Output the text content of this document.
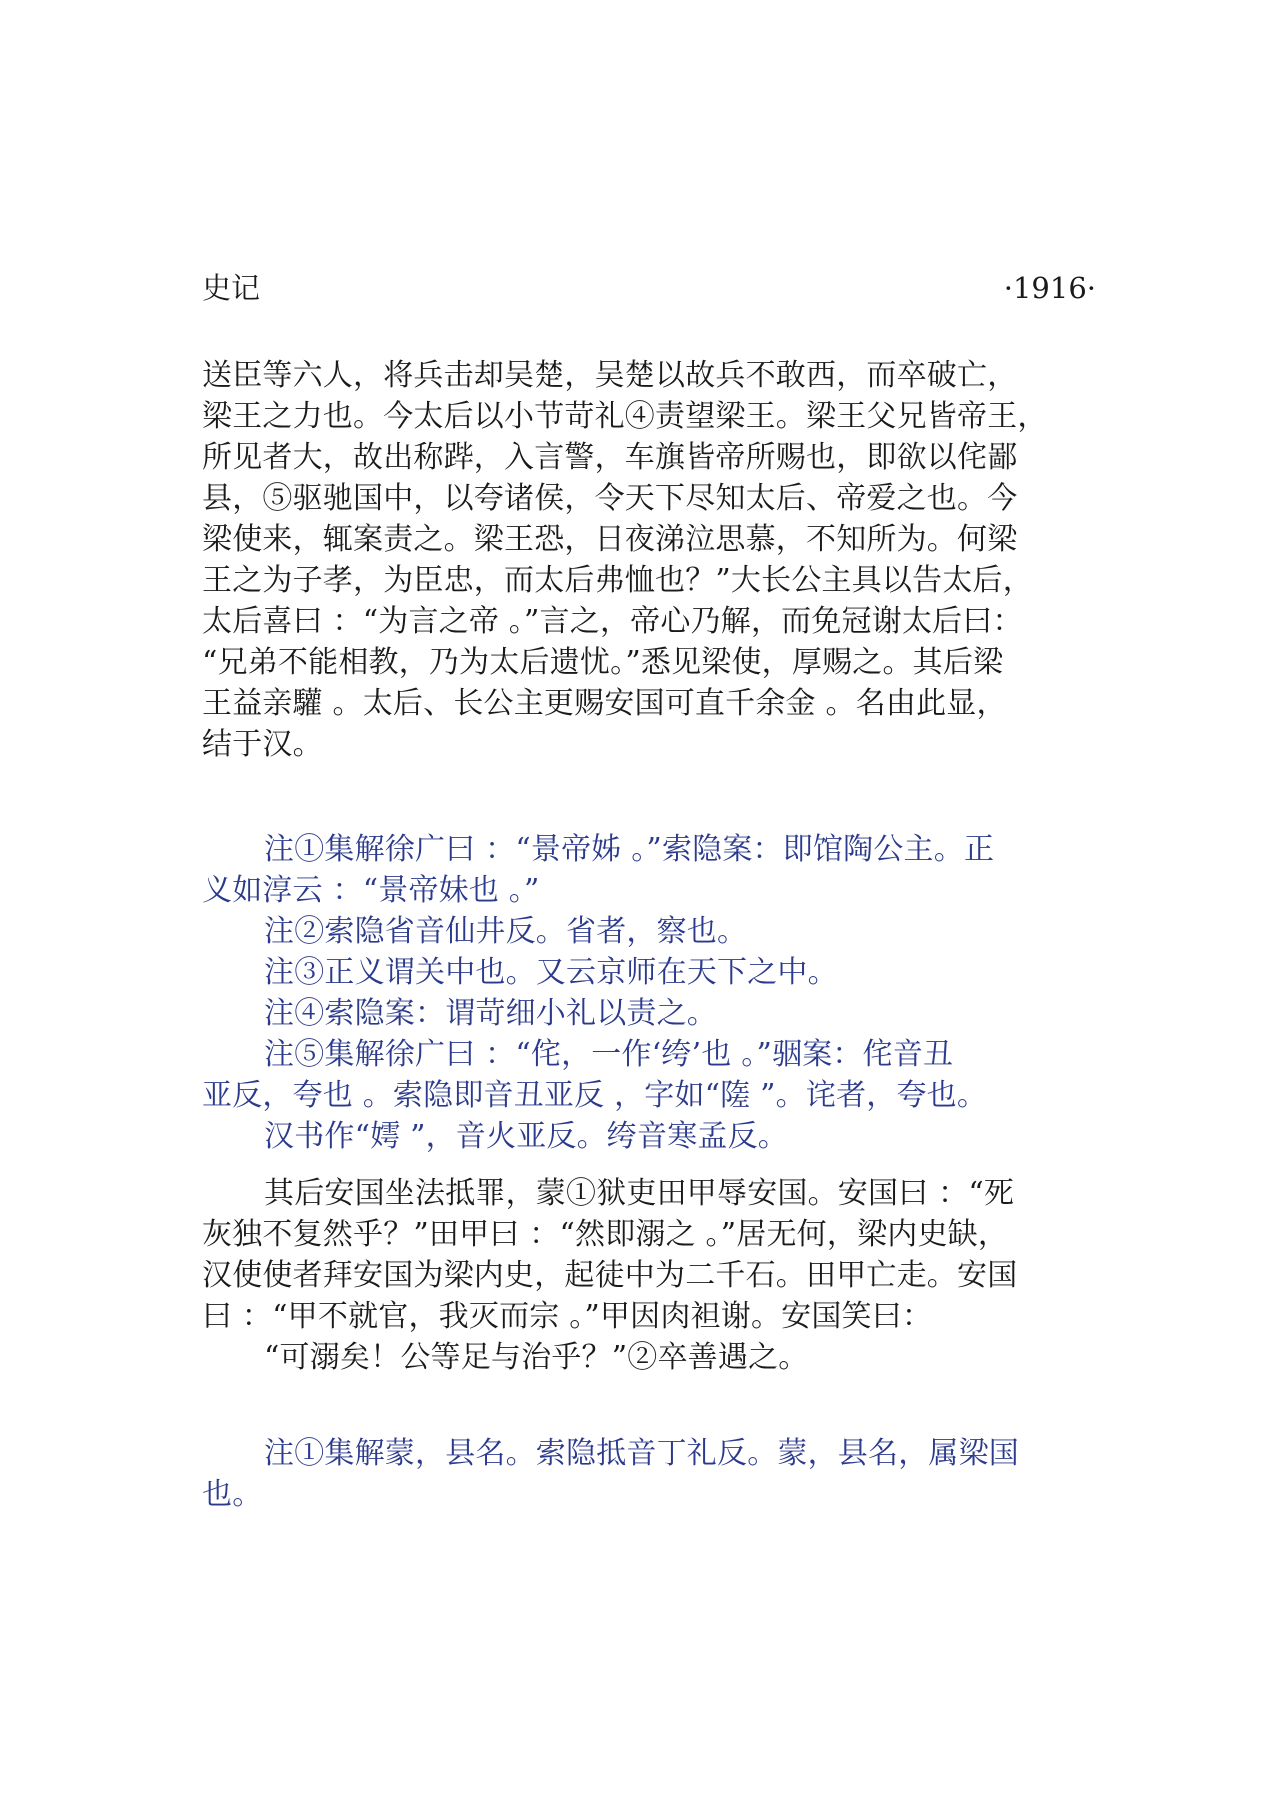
史记	·1916·
送臣等六人，将兵击却吴楚，吴楚以故兵不敢西，而卒破亡，
梁王之力也。今太后以小节苛礼④责望梁王。梁王父兄皆帝王，
所见者大，故出称跸，入言警，车旗皆帝所赐也，即欲以侘鄙
县，⑤驱驰国中，以夸诸侯，令天下尽知太后、帝爱之也。今
梁使来，辄案责之。梁王恐，日夜涕泣思慕，不知所为。何梁
王之为子孝，为臣忠，而太后弗恤也？”大长公主具以告太后，
太后喜曰 ：“为言之帝 。”言之，帝心乃解，而免冠谢太后曰：
“兄弟不能相教，乃为太后遗忧。”悉见梁使，厚赐之。其后梁
王益亲驩 。太后、长公主更赐安国可直千余金 。名由此显，
结于汉。
注①集解徐广曰 ：“景帝姊 。”索隐案：即馆陶公主。正
义如淳云 ：“景帝妹也 。”
注②索隐省音仙井反。省者，察也。
注③正义谓关中也。又云京师在天下之中。
注④索隐案：谓苛细小礼以责之。
注⑤集解徐广曰 ：“侘，一作‘绔’也 。”骃案：侘音丑
亚反，夸也 。索隐即音丑亚反 ，字如“隓 ”。诧者，夸也。
汉书作“嫮 ”，音火亚反。绔音寒孟反。
其后安国坐法抵罪，蒙①狱吏田甲辱安国。安国曰 ：“死
灰独不复然乎？”田甲曰 ：“然即溺之 。”居无何，梁内史缺，
汉使使者拜安国为梁内史，起徒中为二千石。田甲亡走。安国
曰 ：“甲不就官，我灭而宗 。”甲因肉袒谢。安国笑曰：
“可溺矣！公等足与治乎？”②卒善遇之。
注①集解蒙，县名。索隐抵音丁礼反。蒙，县名，属梁国
也。
